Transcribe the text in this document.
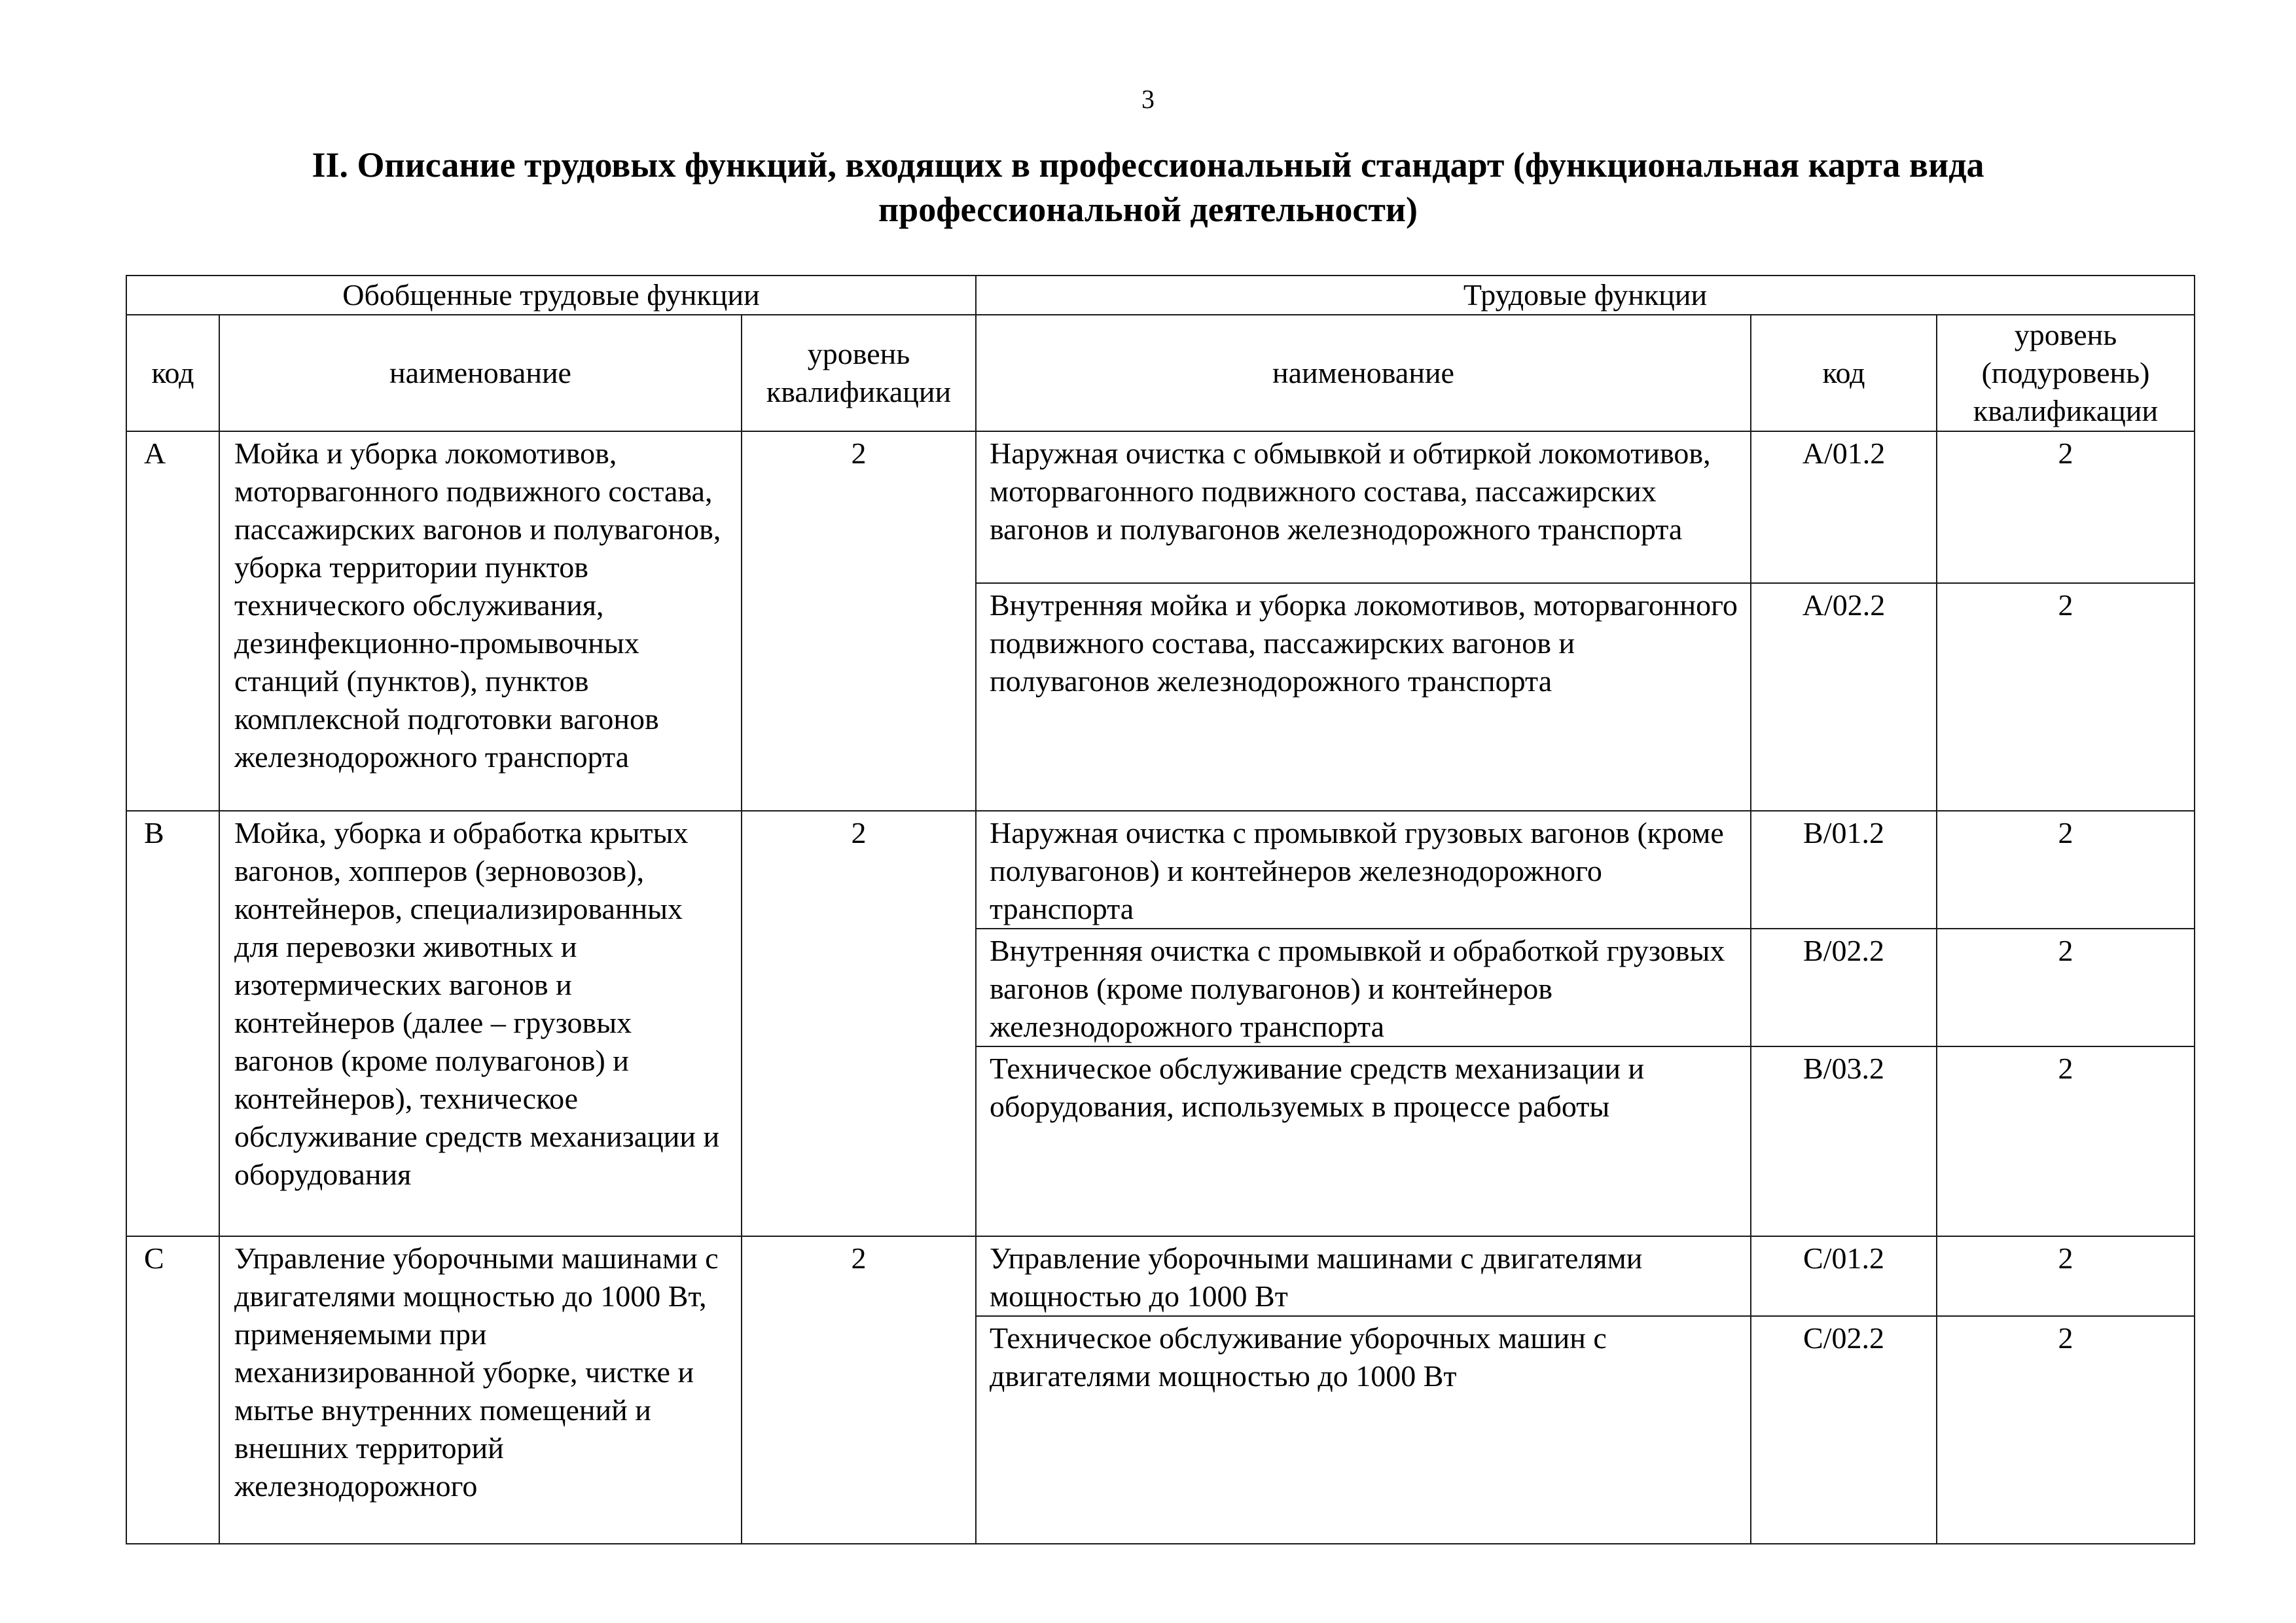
3
II. Описание трудовых функций, входящих в профессиональный стандарт (функциональная карта вида профессиональной деятельности)
Обобщенные трудовые функции			Трудовые функции		
код	наименование	уровень квалификации	наименование	код	уровень (подуровень) квалификации
A	Мойка и уборка локомотивов, моторвагонного подвижного состава, пассажирских вагонов и полувагонов, уборка территории пунктов технического обслуживания, дезинфекционно-промывочных станций (пунктов), пунктов комплексной подготовки вагонов железнодорожного транспорта	2	Наружная очистка с обмывкой и обтиркой локомотивов, моторвагонного подвижного состава, пассажирских вагонов и полувагонов железнодорожного транспорта	A/01.2	2
			Внутренняя мойка и уборка локомотивов, моторвагонного подвижного состава, пассажирских вагонов и полувагонов железнодорожного транспорта	A/02.2	2
B	Мойка, уборка и обработка крытых вагонов, хопперов (зерновозов), контейнеров, специализированных для перевозки животных и изотермических вагонов и контейнеров (далее – грузовых вагонов (кроме полувагонов) и контейнеров), техническое обслуживание средств механизации и оборудования	2	Наружная очистка с промывкой грузовых вагонов (кроме полувагонов) и контейнеров железнодорожного транспорта	B/01.2	2
			Внутренняя очистка с промывкой и обработкой грузовых вагонов (кроме полувагонов) и контейнеров железнодорожного транспорта	B/02.2	2
			Техническое обслуживание средств механизации и оборудования, используемых в процессе работы	B/03.2	2
C	Управление уборочными машинами с двигателями мощностью до 1000 Вт, применяемыми при механизированной уборке, чистке и мытье внутренних помещений и внешних территорий железнодорожного	2	Управление уборочными машинами с двигателями мощностью до 1000 Вт	C/01.2	2
			Техническое обслуживание уборочных машин с двигателями мощностью до 1000 Вт	C/02.2	2
